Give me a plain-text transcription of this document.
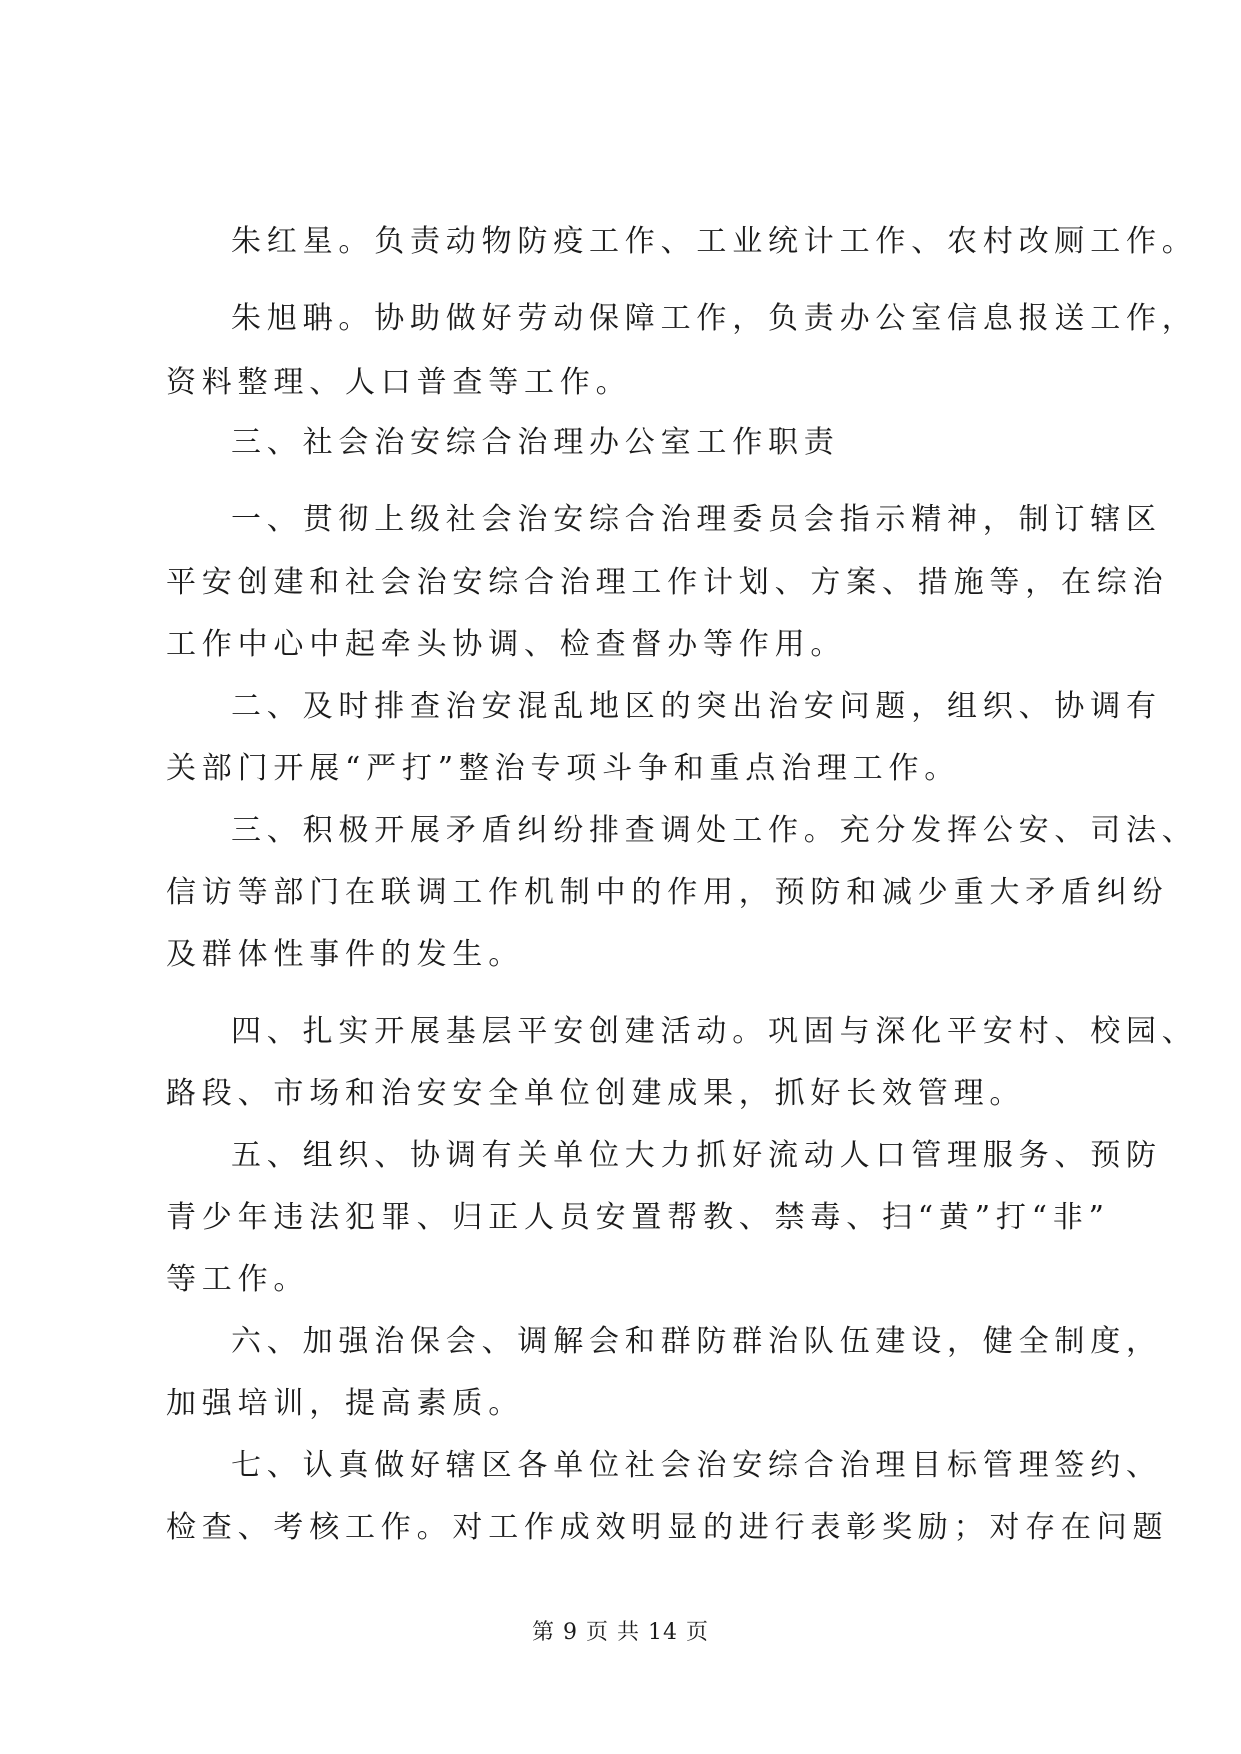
朱红星。负责动物防疫工作、工业统计工作、农村改厕工作。

朱旭聃。协助做好劳动保障工作，负责办公室信息报送工作，

资料整理、人口普查等工作。

三、社会治安综合治理办公室工作职责

一、贯彻上级社会治安综合治理委员会指示精神，制订辖区

平安创建和社会治安综合治理工作计划、方案、措施等，在综治

工作中心中起牵头协调、检查督办等作用。

二、及时排查治安混乱地区的突出治安问题，组织、协调有

关部门开展“严打”整治专项斗争和重点治理工作。

三、积极开展矛盾纠纷排查调处工作。充分发挥公安、司法、

信访等部门在联调工作机制中的作用，预防和减少重大矛盾纠纷

及群体性事件的发生。

四、扎实开展基层平安创建活动。巩固与深化平安村、校园、

路段、市场和治安安全单位创建成果，抓好长效管理。

五、组织、协调有关单位大力抓好流动人口管理服务、预防

青少年违法犯罪、归正人员安置帮教、禁毒、扫“黄”打“非”

等工作。

六、加强治保会、调解会和群防群治队伍建设，健全制度，

加强培训，提高素质。

七、认真做好辖区各单位社会治安综合治理目标管理签约、

检查、考核工作。对工作成效明显的进行表彰奖励；对存在问题

第 9 页 共 14 页
